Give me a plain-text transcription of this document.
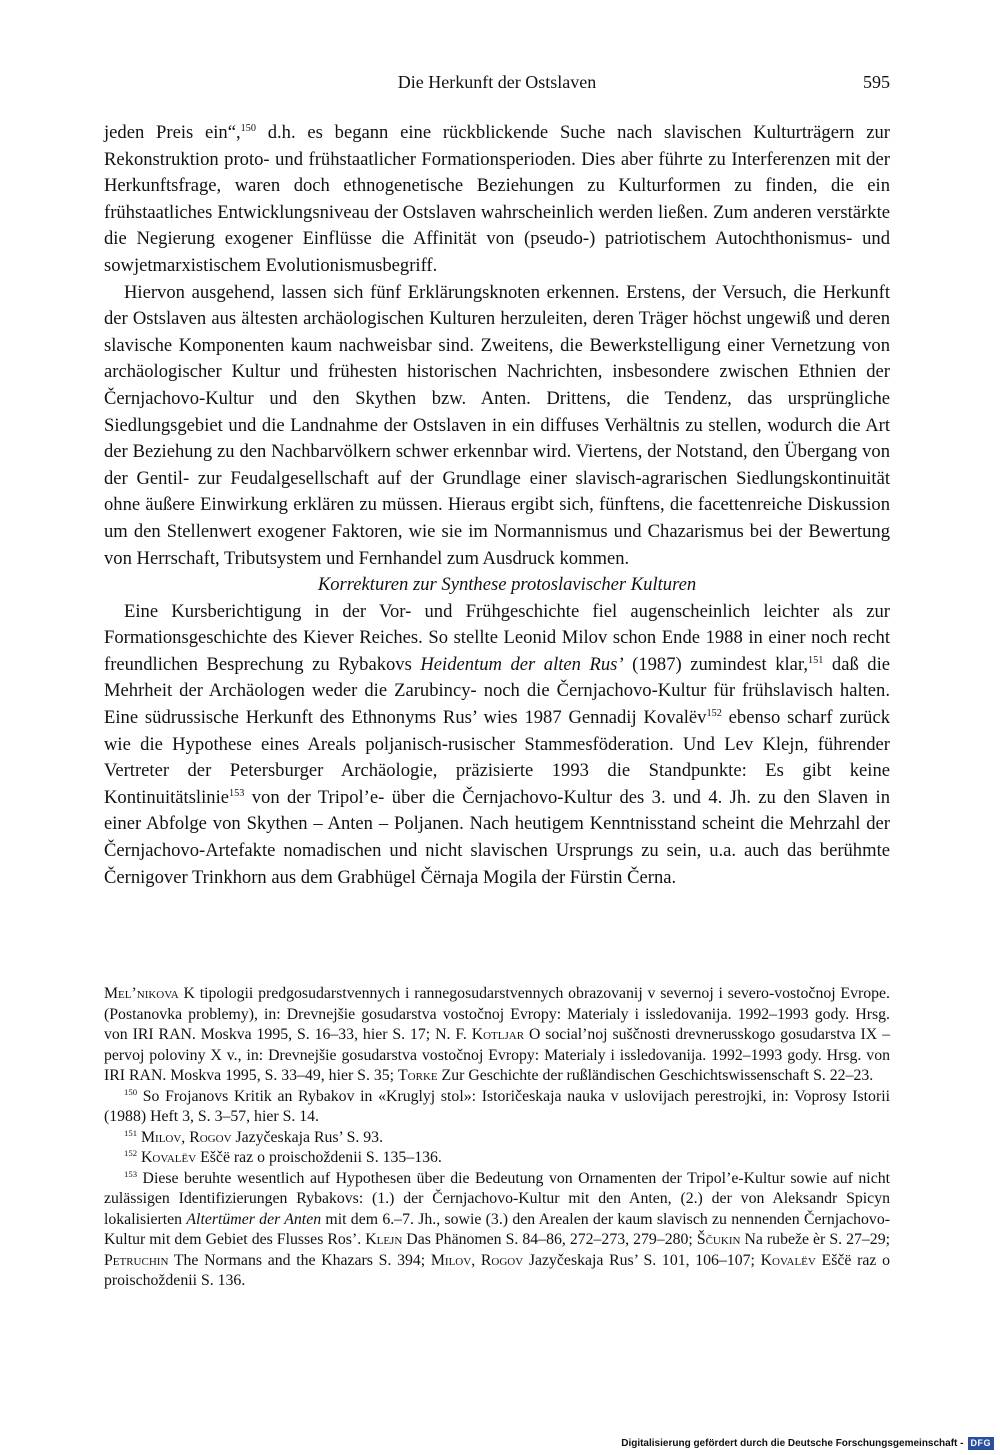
Die Herkunft der Ostslaven	595

jeden Preis ein“,$^{150}$ d.h. es begann eine rückblickende Suche nach slavischen Kulturträgern zur Rekonstruktion proto- und frühstaatlicher Formationsperioden. Dies aber führte zu Interferenzen mit der Herkunftsfrage, waren doch ethnogenetische Beziehungen zu Kulturformen zu finden, die ein frühstaatliches Entwicklungsniveau der Ostslaven wahrscheinlich werden ließen. Zum anderen verstärkte die Negierung exogener Einflüsse die Affinität von (pseudo-) patriotischem Autochthonismus- und sowjetmarxistischem Evolutionismusbegriff.

Hiervon ausgehend, lassen sich fünf Erklärungsknoten erkennen. Erstens, der Versuch, die Herkunft der Ostslaven aus ältesten archäologischen Kulturen herzuleiten, deren Träger höchst ungewiß und deren slavische Komponenten kaum nachweisbar sind. Zweitens, die Bewerkstelligung einer Vernetzung von archäologischer Kultur und frühesten historischen Nachrichten, insbesondere zwischen Ethnien der Černjachovo-Kultur und den Skythen bzw. Anten. Drittens, die Tendenz, das ursprüngliche Siedlungsgebiet und die Landnahme der Ostslaven in ein diffuses Verhältnis zu stellen, wodurch die Art der Beziehung zu den Nachbarvölkern schwer erkennbar wird. Viertens, der Notstand, den Übergang von der Gentil- zur Feudalgesellschaft auf der Grundlage einer slavisch-agrarischen Siedlungskontinuität ohne äußere Einwirkung erklären zu müssen. Hieraus ergibt sich, fünftens, die facettenreiche Diskussion um den Stellenwert exogener Faktoren, wie sie im Normannismus und Chazarismus bei der Bewertung von Herrschaft, Tributsystem und Fernhandel zum Ausdruck kommen.

Korrekturen zur Synthese protoslavischer Kulturen

Eine Kursberichtigung in der Vor- und Frühgeschichte fiel augenscheinlich leichter als zur Formationsgeschichte des Kiever Reiches. So stellte Leonid Milov schon Ende 1988 in einer noch recht freundlichen Besprechung zu Rybakovs Heidentum der alten Rus’ (1987) zumindest klar,$^{151}$ daß die Mehrheit der Archäologen weder die Zarubincy- noch die Černjachovo-Kultur für frühslavisch halten. Eine südrussische Herkunft des Ethnonyms Rus’ wies 1987 Gennadij Kovalëv$^{152}$ ebenso scharf zurück wie die Hypothese eines Areals poljanisch-rusischer Stammesföderation. Und Lev Klejn, führender Vertreter der Petersburger Archäologie, präzisierte 1993 die Standpunkte: Es gibt keine Kontinuitätslinie$^{153}$ von der Tripol’e- über die Černjachovo-Kultur des 3. und 4. Jh. zu den Slaven in einer Abfolge von Skythen – Anten – Poljanen. Nach heutigem Kenntnisstand scheint die Mehrzahl der Černjachovo-Artefakte nomadischen und nicht slavischen Ursprungs zu sein, u.a. auch das berühmte Černigover Trinkhorn aus dem Grabhügel Čërnaja Mogila der Fürstin Černa.

Mel’nikova K tipologii predgosudarstvennych i rannegosudarstvennych obrazovanij v severnoj i severo-vostočnoj Evrope. (Postanovka problemy), in: Drevnejšie gosudarstva vostočnoj Evropy: Materialy i issledovanija. 1992–1993 gody. Hrsg. von IRI RAN. Moskva 1995, S. 16–33, hier S. 17; N. F. Kotljar O social’noj suščnosti drevnerusskogo gosudarstva IX – pervoj poloviny X v., in: Drevnejšie gosudarstva vostočnoj Evropy: Materialy i issledovanija. 1992–1993 gody. Hrsg. von IRI RAN. Moskva 1995, S. 33–49, hier S. 35; Torke Zur Geschichte der rußländischen Geschichtswissenschaft S. 22–23.

$^{150}$ So Frojanovs Kritik an Rybakov in «Kruglyj stol»: Istoričeskaja nauka v uslovijach perestrojki, in: Voprosy Istorii (1988) Heft 3, S. 3–57, hier S. 14.

$^{151}$ Milov, Rogov Jazyčeskaja Rus’ S. 93.

$^{152}$ Kovalëv Eščë raz o proischoždenii S. 135–136.

$^{153}$ Diese beruhte wesentlich auf Hypothesen über die Bedeutung von Ornamenten der Tripol’e-Kultur sowie auf nicht zulässigen Identifizierungen Rybakovs: (1.) der Černjachovo-Kultur mit den Anten, (2.) der von Aleksandr Spicyn lokalisierten Altertümer der Anten mit dem 6.–7. Jh., sowie (3.) den Arealen der kaum slavisch zu nennenden Černjachovo-Kultur mit dem Gebiet des Flusses Ros’. Klejn Das Phänomen S. 84–86, 272–273, 279–280; Ščukin Na rubeže èr S. 27–29; Petruchin The Normans and the Khazars S. 394; Milov, Rogov Jazyčeskaja Rus’ S. 101, 106–107; Kovalëv Eščë raz o proischoždenii S. 136.

Digitalisierung gefördert durch die Deutsche Forschungsgemeinschaft - DFG
